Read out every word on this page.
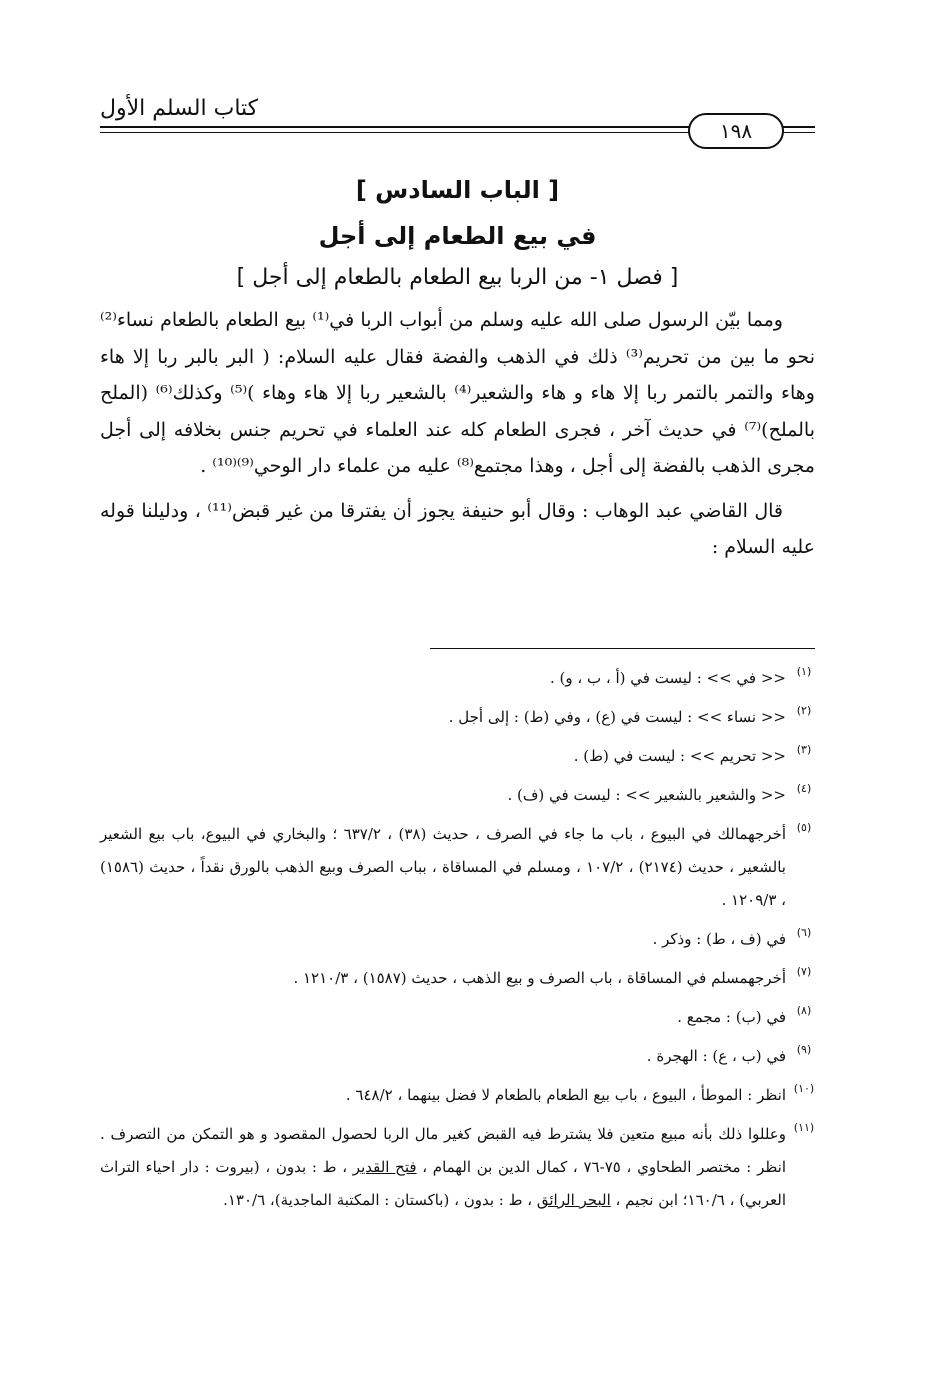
كتاب السلم الأول
١٩٨
[ الباب السادس ]
في بيع الطعام إلى أجل
[ فصل ١- من الربا بيع الطعام بالطعام إلى أجل ]

ومما بيّن الرسول صلى الله عليه وسلم من أبواب الربا في⁽¹⁾ بيع الطعام بالطعام نساء⁽²⁾ نحو ما بين من تحريم⁽³⁾ ذلك في الذهب والفضة فقال عليه السلام: ( البر بالبر ربا إلا هاء وهاء والتمر بالتمر ربا إلا هاء و هاء والشعير⁽⁴⁾ بالشعير ربا إلا هاء وهاء )⁽⁵⁾ وكذلك⁽⁶⁾ (الملح بالملح)⁽⁷⁾ في حديث آخر ، فجرى الطعام كله عند العلماء في تحريم جنس بخلافه إلى أجل مجرى الذهب بالفضة إلى أجل ، وهذا مجتمع⁽⁸⁾ عليه من علماء دار الوحي⁽⁹⁾⁽¹⁰⁾ .

قال القاضي عبد الوهاب : وقال أبو حنيفة يجوز أن يفترقا من غير قبض⁽¹¹⁾ ، ودليلنا قوله عليه السلام :

(١)
<< في >> : ليست في (أ ، ب ، و) .
(٢)
<< نساء >> : ليست في (ع) ، وفي (ط) : إلى أجل .
(٣)
<< تحريم >> : ليست في (ط) .
(٤)
<< والشعير بالشعير >> : ليست في (ف) .
(٥)
أخرجهمالك في البيوع ، باب ما جاء في الصرف ، حديث (٣٨) ، ٦٣٧/٢ ؛ والبخاري في البيوع، باب بيع الشعير بالشعير ، حديث (٢١٧٤) ، ١٠٧/٢ ، ومسلم في المساقاة ، بباب الصرف وبيع الذهب بالورق نقداً ، حديث (١٥٨٦) ، ١٢٠٩/٣ .
(٦)
في (ف ، ط) : وذكر .
(٧)
أخرجهمسلم في المساقاة ، باب الصرف و بيع الذهب ، حديث (١٥٨٧) ، ١٢١٠/٣ .
(٨)
في (ب) : مجمع .
(٩)
في (ب ، ع) : الهجرة .
(١٠)
انظر : الموطأ ، البيوع ، باب بيع الطعام بالطعام لا فضل بينهما ، ٦٤٨/٢ .
(١١)
وعللوا ذلك بأنه مبيع متعين فلا يشترط فيه القبض كغير مال الربا لحصول المقصود و هو التمكن من التصرف . انظر : مختصر الطحاوي ، ٧٥-٧٦ ، كمال الدين بن الهمام ، فتح القدير ، ط : بدون ، (بيروت : دار احياء التراث العربي) ، ١٦٠/٦؛ ابن نجيم ، البحر الرائق ، ط : بدون ، (باكستان : المكتبة الماجدية)، ١٣٠/٦.
